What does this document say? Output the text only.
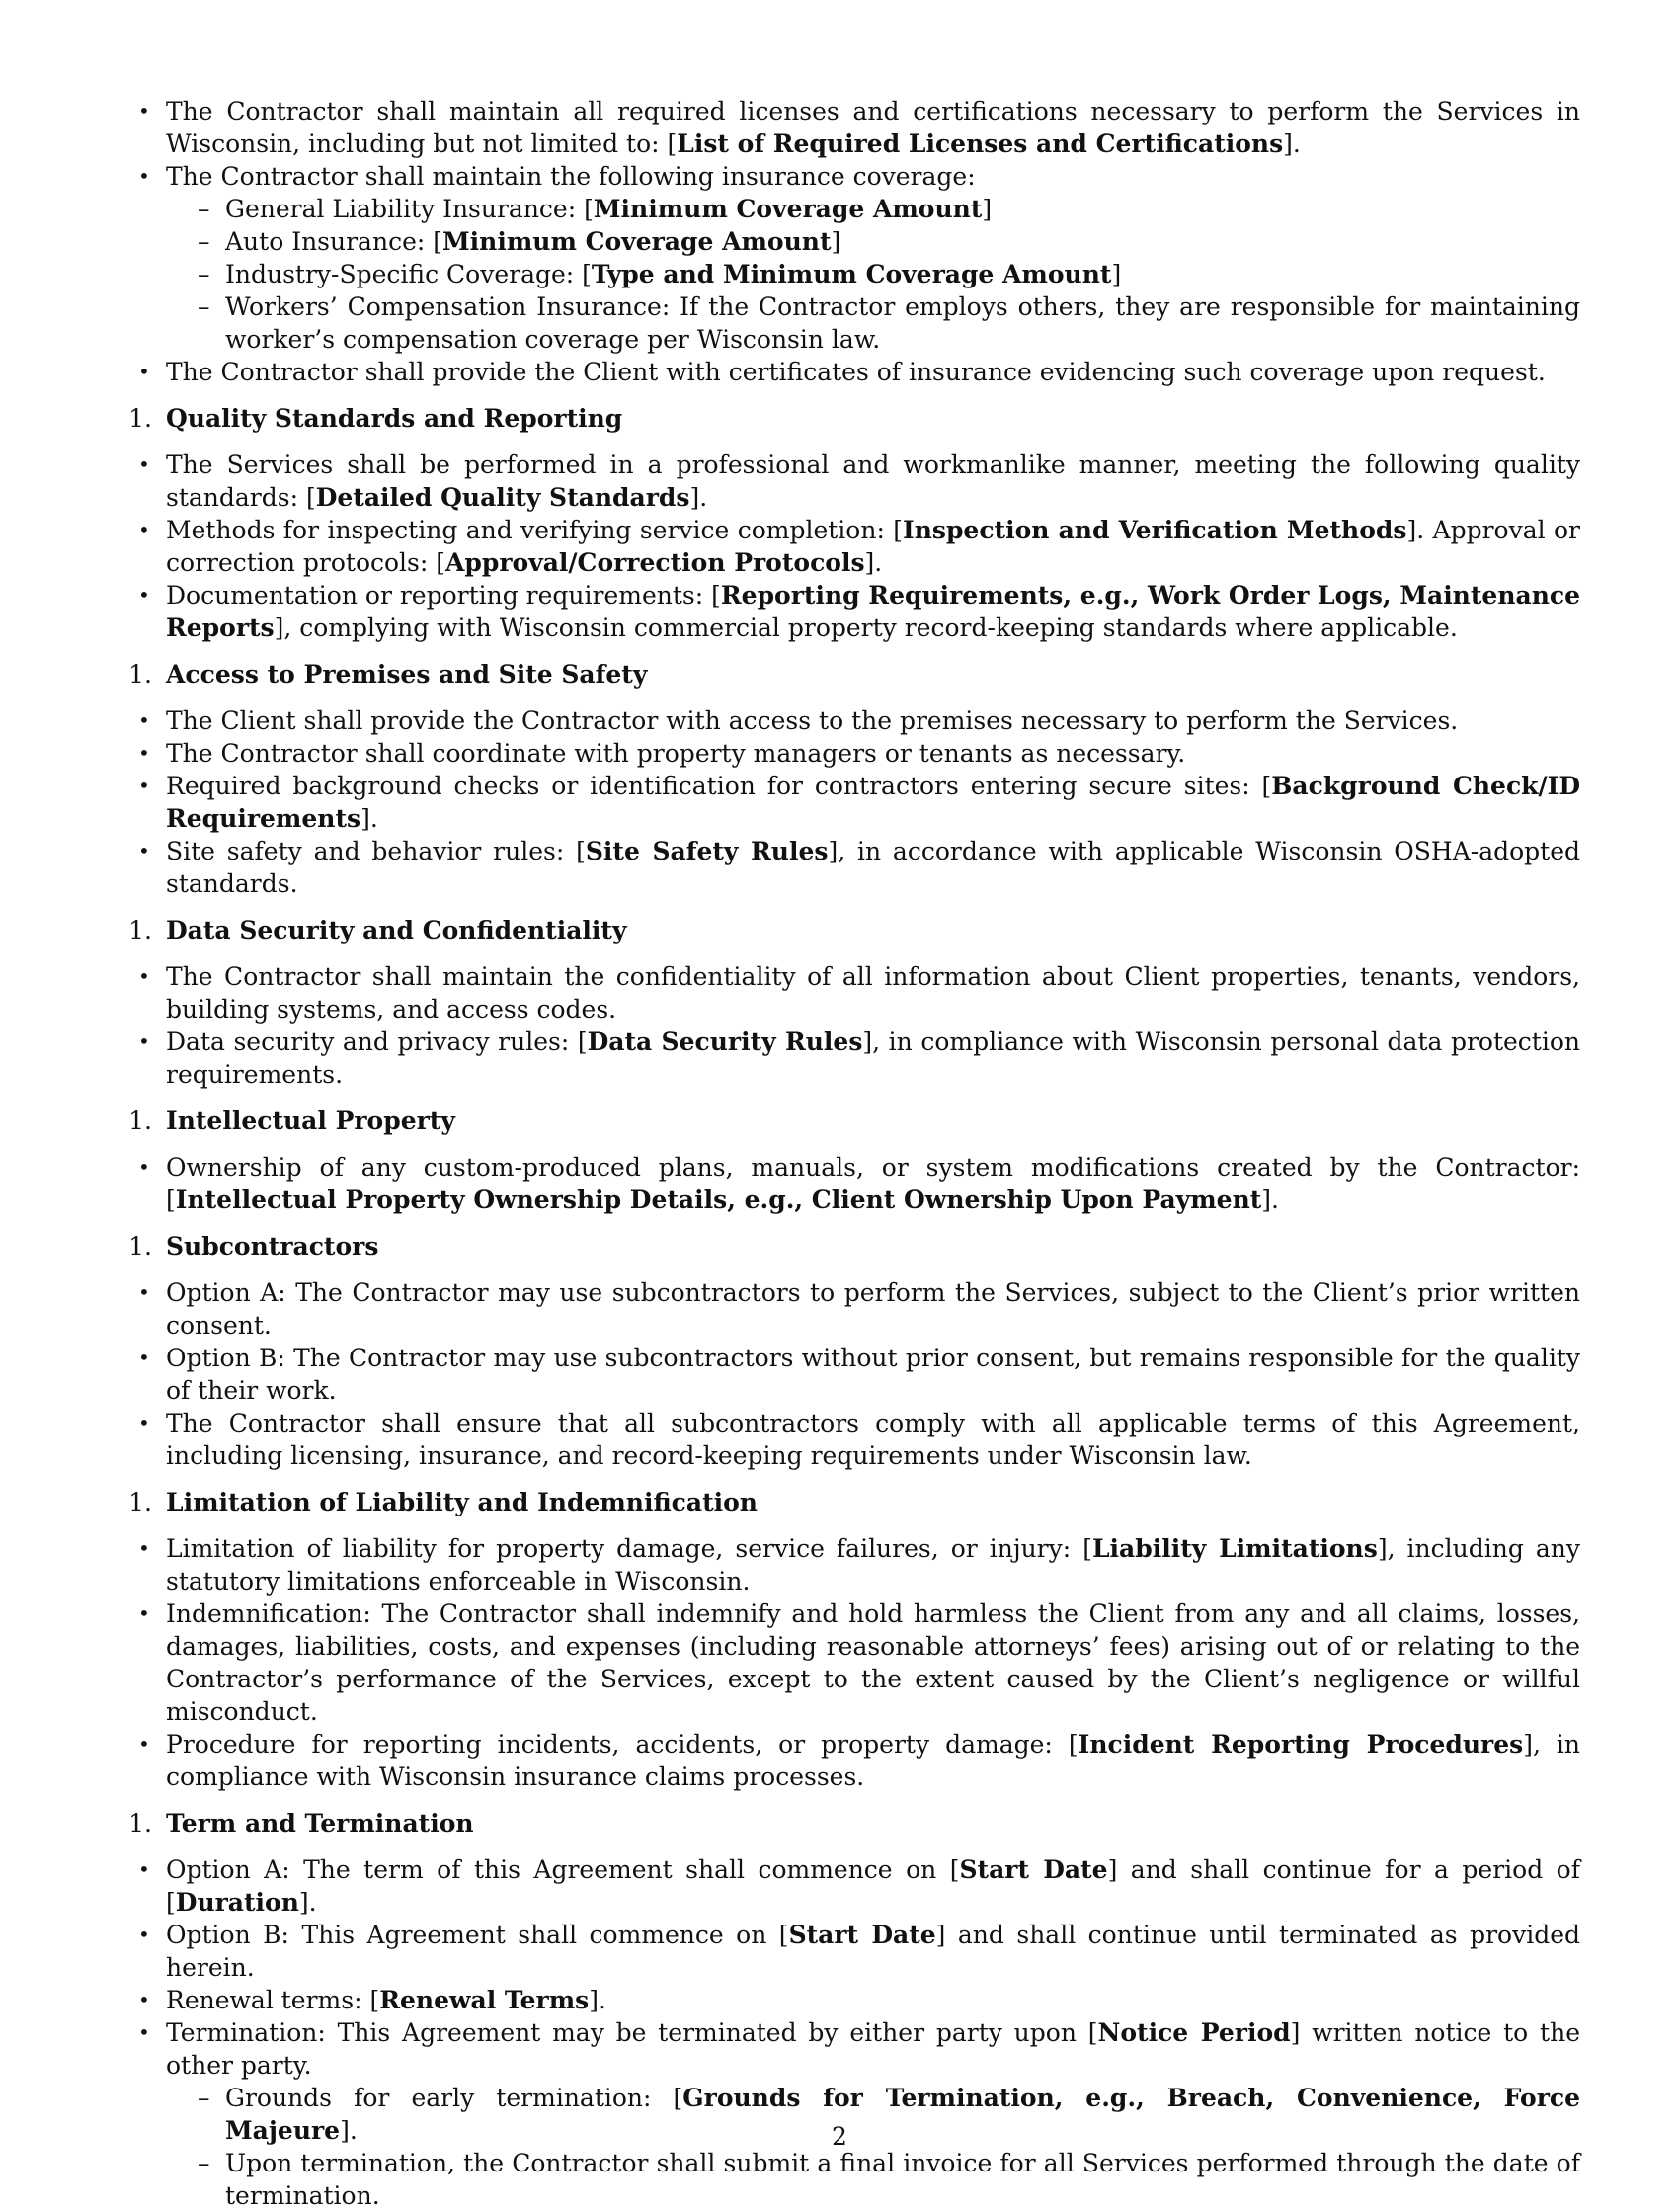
• The Contractor shall maintain all required licenses and certifications necessary to perform the Services in Wisconsin, including but not limited to: [List of Required Licenses and Certifications].
• The Contractor shall maintain the following insurance coverage:
– General Liability Insurance: [Minimum Coverage Amount]
– Auto Insurance: [Minimum Coverage Amount]
– Industry-Specific Coverage: [Type and Minimum Coverage Amount]
– Workers’ Compensation Insurance: If the Contractor employs others, they are responsible for maintaining worker’s compensation coverage per Wisconsin law.
• The Contractor shall provide the Client with certificates of insurance evidencing such coverage upon request.
1. Quality Standards and Reporting
• The Services shall be performed in a professional and workmanlike manner, meeting the following quality standards: [Detailed Quality Standards].
• Methods for inspecting and verifying service completion: [Inspection and Verification Methods]. Approval or correction protocols: [Approval/Correction Protocols].
• Documentation or reporting requirements: [Reporting Requirements, e.g., Work Order Logs, Maintenance Reports], complying with Wisconsin commercial property record-keeping standards where applicable.
1. Access to Premises and Site Safety
• The Client shall provide the Contractor with access to the premises necessary to perform the Services.
• The Contractor shall coordinate with property managers or tenants as necessary.
• Required background checks or identification for contractors entering secure sites: [Background Check/ID Requirements].
• Site safety and behavior rules: [Site Safety Rules], in accordance with applicable Wisconsin OSHA-adopted standards.
1. Data Security and Confidentiality
• The Contractor shall maintain the confidentiality of all information about Client properties, tenants, vendors, building systems, and access codes.
• Data security and privacy rules: [Data Security Rules], in compliance with Wisconsin personal data protection requirements.
1. Intellectual Property
• Ownership of any custom-produced plans, manuals, or system modifications created by the Contractor: [Intellectual Property Ownership Details, e.g., Client Ownership Upon Payment].
1. Subcontractors
• Option A: The Contractor may use subcontractors to perform the Services, subject to the Client’s prior written consent.
• Option B: The Contractor may use subcontractors without prior consent, but remains responsible for the quality of their work.
• The Contractor shall ensure that all subcontractors comply with all applicable terms of this Agreement, including licensing, insurance, and record-keeping requirements under Wisconsin law.
1. Limitation of Liability and Indemnification
• Limitation of liability for property damage, service failures, or injury: [Liability Limitations], including any statutory limitations enforceable in Wisconsin.
• Indemnification: The Contractor shall indemnify and hold harmless the Client from any and all claims, losses, damages, liabilities, costs, and expenses (including reasonable attorneys’ fees) arising out of or relating to the Contractor’s performance of the Services, except to the extent caused by the Client’s negligence or willful misconduct.
• Procedure for reporting incidents, accidents, or property damage: [Incident Reporting Procedures], in compliance with Wisconsin insurance claims processes.
1. Term and Termination
• Option A: The term of this Agreement shall commence on [Start Date] and shall continue for a period of [Duration].
• Option B: This Agreement shall commence on [Start Date] and shall continue until terminated as provided herein.
• Renewal terms: [Renewal Terms].
• Termination: This Agreement may be terminated by either party upon [Notice Period] written notice to the other party.
– Grounds for early termination: [Grounds for Termination, e.g., Breach, Convenience, Force Majeure].
– Upon termination, the Contractor shall submit a final invoice for all Services performed through the date of termination.
2
